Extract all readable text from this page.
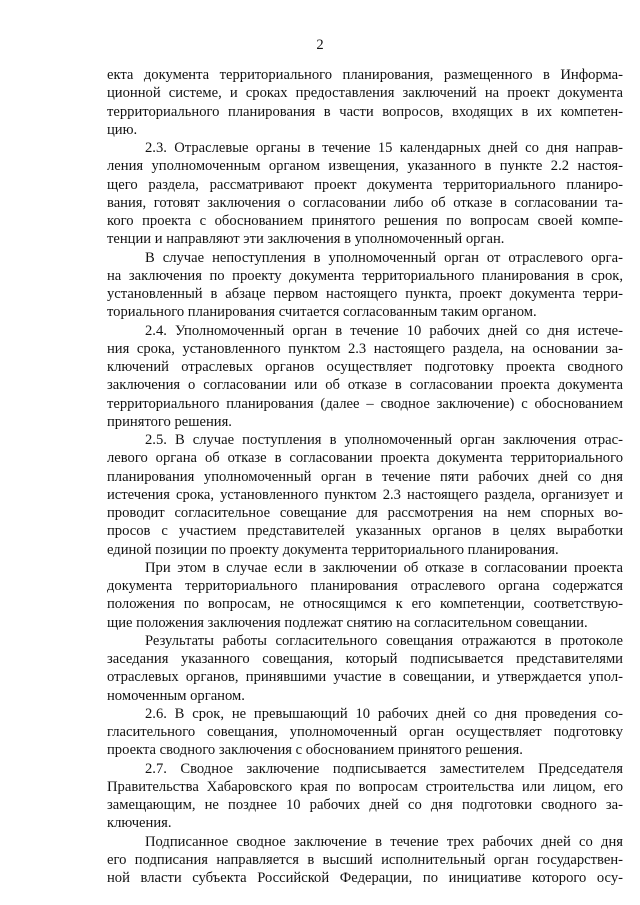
2
екта документа территориального планирования, размещенного в Информа-
ционной системе, и сроках предоставления заключений на проект документа
территориального планирования в части вопросов, входящих в их компетен-
цию.
2.3. Отраслевые органы в течение 15 календарных дней со дня направ-
ления уполномоченным органом извещения, указанного в пункте 2.2 настоя-
щего раздела, рассматривают проект документа территориального планиро-
вания, готовят заключения о согласовании либо об отказе в согласовании та-
кого проекта с обоснованием принятого решения по вопросам своей компе-
тенции и направляют эти заключения в уполномоченный орган.
В случае непоступления в уполномоченный орган от отраслевого орга-
на заключения по проекту документа территориального планирования в срок,
установленный в абзаце первом настоящего пункта, проект документа терри-
ториального планирования считается согласованным таким органом.
2.4. Уполномоченный орган в течение 10 рабочих дней со дня истече-
ния срока, установленного пунктом 2.3 настоящего раздела, на основании за-
ключений отраслевых органов осуществляет подготовку проекта сводного
заключения о согласовании или об отказе в согласовании проекта документа
территориального планирования (далее – сводное заключение) с обоснованием
принятого решения.
2.5. В случае поступления в уполномоченный орган заключения отрас-
левого органа об отказе в согласовании проекта документа территориального
планирования уполномоченный орган в течение пяти рабочих дней со дня
истечения срока, установленного пунктом 2.3 настоящего раздела, организует и
проводит согласительное совещание для рассмотрения на нем спорных во-
просов с участием представителей указанных органов в целях выработки
единой позиции по проекту документа территориального планирования.
При этом в случае если в заключении об отказе в согласовании проекта
документа территориального планирования отраслевого органа содержатся
положения по вопросам, не относящимся к его компетенции, соответствую-
щие положения заключения подлежат снятию на согласительном совещании.
Результаты работы согласительного совещания отражаются в протоколе
заседания указанного совещания, который подписывается представителями
отраслевых органов, принявшими участие в совещании, и утверждается упол-
номоченным органом.
2.6. В срок, не превышающий 10 рабочих дней со дня проведения со-
гласительного совещания, уполномоченный орган осуществляет подготовку
проекта сводного заключения с обоснованием принятого решения.
2.7. Сводное заключение подписывается заместителем Председателя
Правительства Хабаровского края по вопросам строительства или лицом, его
замещающим, не позднее 10 рабочих дней со дня подготовки сводного за-
ключения.
Подписанное сводное заключение в течение трех рабочих дней со дня
его подписания направляется в высший исполнительный орган государствен-
ной власти субъекта Российской Федерации, по инициативе которого осу-
